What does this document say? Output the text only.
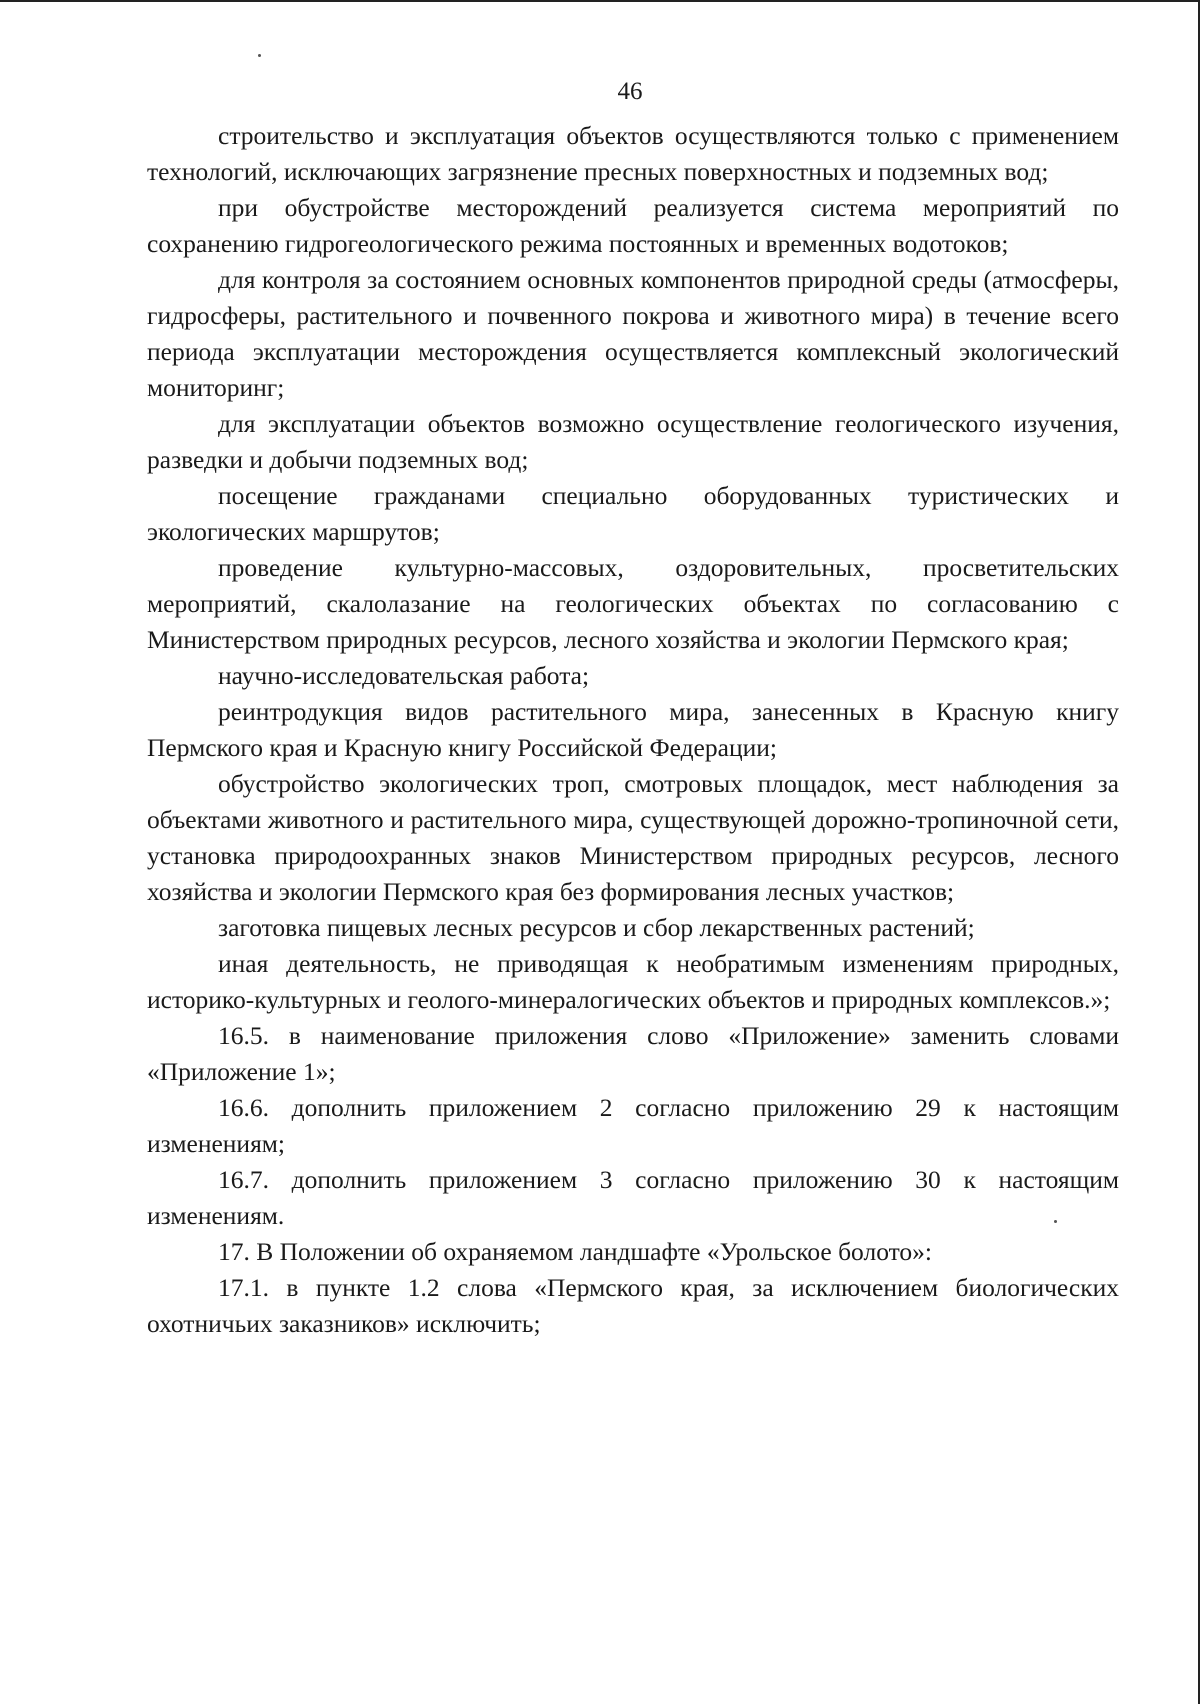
46

строительство и эксплуатация объектов осуществляются только с применением технологий, исключающих загрязнение пресных поверхностных и подземных вод;

при обустройстве месторождений реализуется система мероприятий по сохранению гидрогеологического режима постоянных и временных водотоков;

для контроля за состоянием основных компонентов природной среды (атмосферы, гидросферы, растительного и почвенного покрова и животного мира) в течение всего периода эксплуатации месторождения осуществляется комплексный экологический мониторинг;

для эксплуатации объектов возможно осуществление геологического изучения, разведки и добычи подземных вод;

посещение гражданами специально оборудованных туристических и экологических маршрутов;

проведение культурно-массовых, оздоровительных, просветительских мероприятий, скалолазание на геологических объектах по согласованию с Министерством природных ресурсов, лесного хозяйства и экологии Пермского края;

научно-исследовательская работа;

реинтродукция видов растительного мира, занесенных в Красную книгу Пермского края и Красную книгу Российской Федерации;

обустройство экологических троп, смотровых площадок, мест наблюдения за объектами животного и растительного мира, существующей дорожно-тропиночной сети, установка природоохранных знаков Министерством природных ресурсов, лесного хозяйства и экологии Пермского края без формирования лесных участков;

заготовка пищевых лесных ресурсов и сбор лекарственных растений;

иная деятельность, не приводящая к необратимым изменениям природных, историко-культурных и геолого-минералогических объектов и природных комплексов.»;

16.5. в наименование приложения слово «Приложение» заменить словами «Приложение 1»;

16.6. дополнить приложением 2 согласно приложению 29 к настоящим изменениям;

16.7. дополнить приложением 3 согласно приложению 30 к настоящим изменениям.

17. В Положении об охраняемом ландшафте «Урольское болото»:

17.1. в пункте 1.2 слова «Пермского края, за исключением биологических охотничьих заказников» исключить;
